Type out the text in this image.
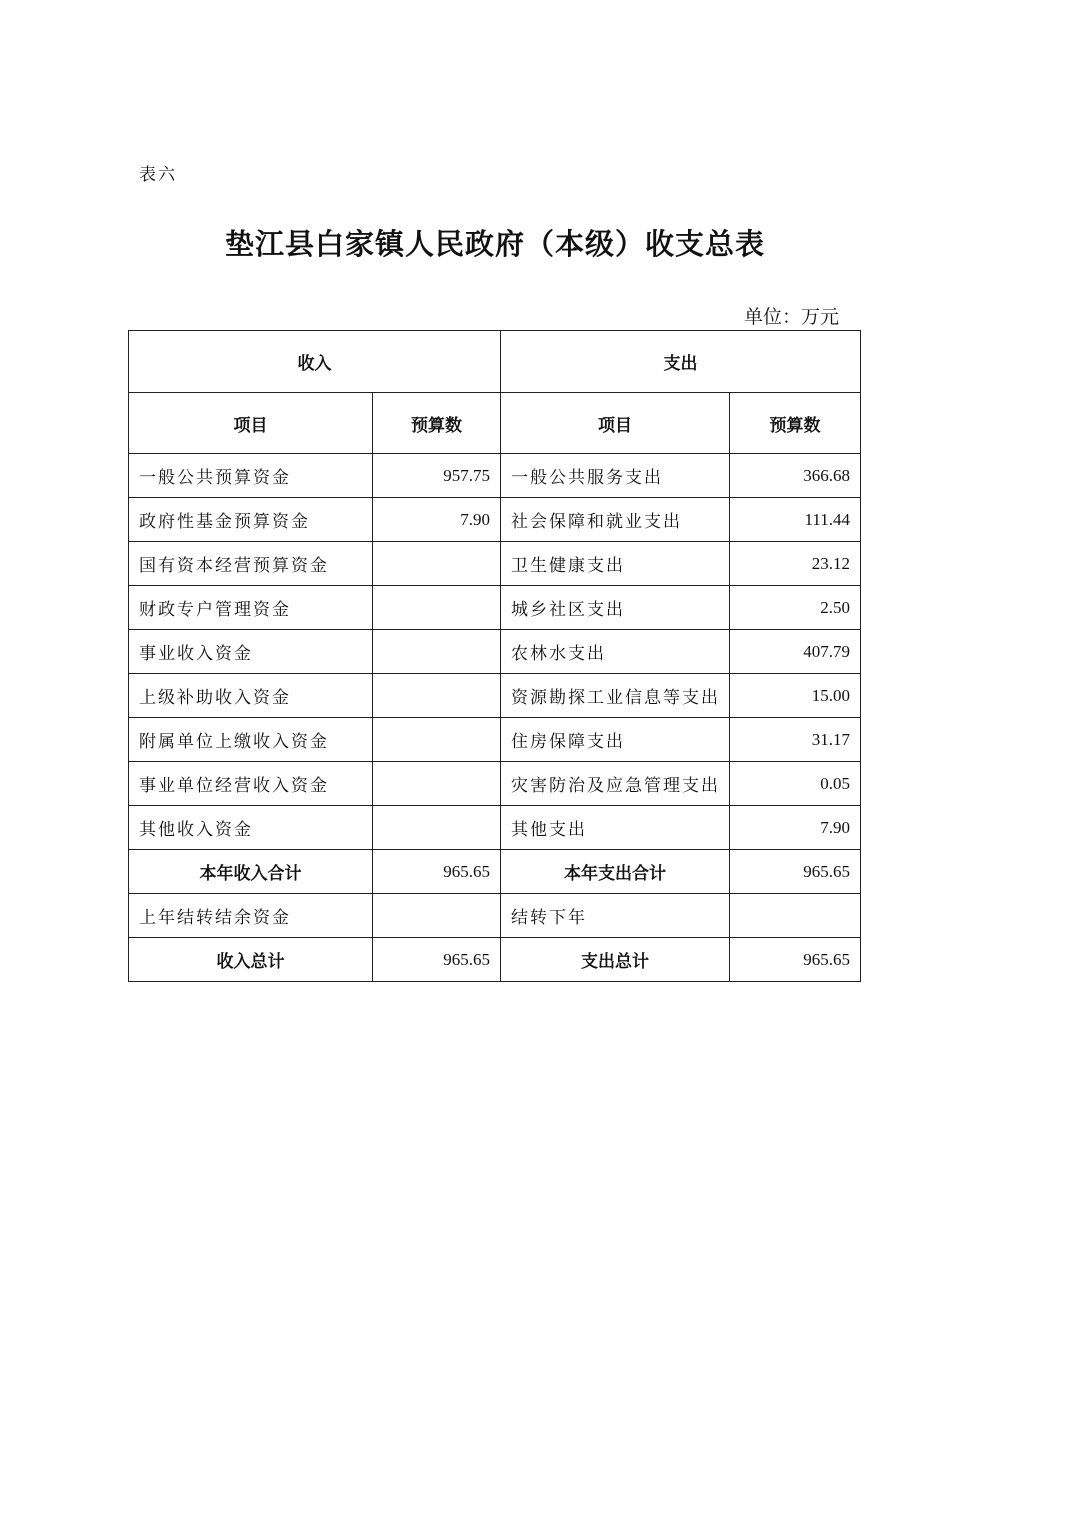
表六
垫江县白家镇人民政府（本级）收支总表
单位：万元
收入		支出	
项目	预算数	项目	预算数
一般公共预算资金	957.75	一般公共服务支出	366.68
政府性基金预算资金	7.90	社会保障和就业支出	111.44
国有资本经营预算资金		卫生健康支出	23.12
财政专户管理资金		城乡社区支出	2.50
事业收入资金		农林水支出	407.79
上级补助收入资金		资源勘探工业信息等支出	15.00
附属单位上缴收入资金		住房保障支出	31.17
事业单位经营收入资金		灾害防治及应急管理支出	0.05
其他收入资金		其他支出	7.90
本年收入合计	965.65	本年支出合计	965.65
上年结转结余资金		结转下年	
收入总计	965.65	支出总计	965.65
